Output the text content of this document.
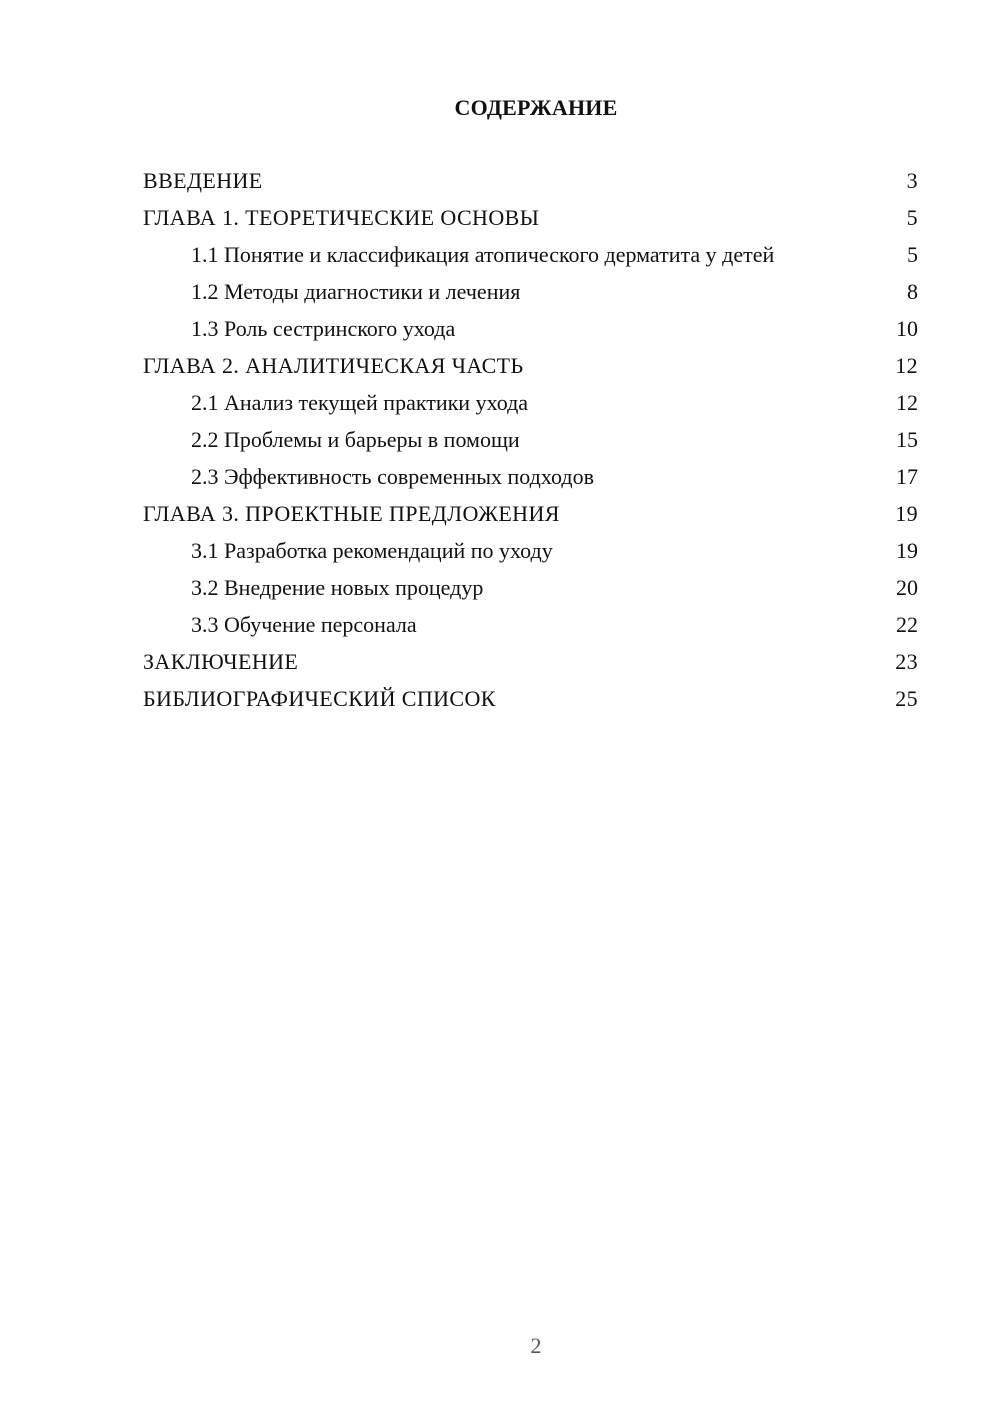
СОДЕРЖАНИЕ
ВВЕДЕНИЕ	3
ГЛАВА 1. ТЕОРЕТИЧЕСКИЕ ОСНОВЫ	5
1.1 Понятие и классификация атопического дерматита у детей	5
1.2 Методы диагностики и лечения	8
1.3 Роль сестринского ухода	10
ГЛАВА 2. АНАЛИТИЧЕСКАЯ ЧАСТЬ	12
2.1 Анализ текущей практики ухода	12
2.2 Проблемы и барьеры в помощи	15
2.3 Эффективность современных подходов	17
ГЛАВА 3. ПРОЕКТНЫЕ ПРЕДЛОЖЕНИЯ	19
3.1 Разработка рекомендаций по уходу	19
3.2 Внедрение новых процедур	20
3.3 Обучение персонала	22
ЗАКЛЮЧЕНИЕ	23
БИБЛИОГРАФИЧЕСКИЙ СПИСОК	25
2
